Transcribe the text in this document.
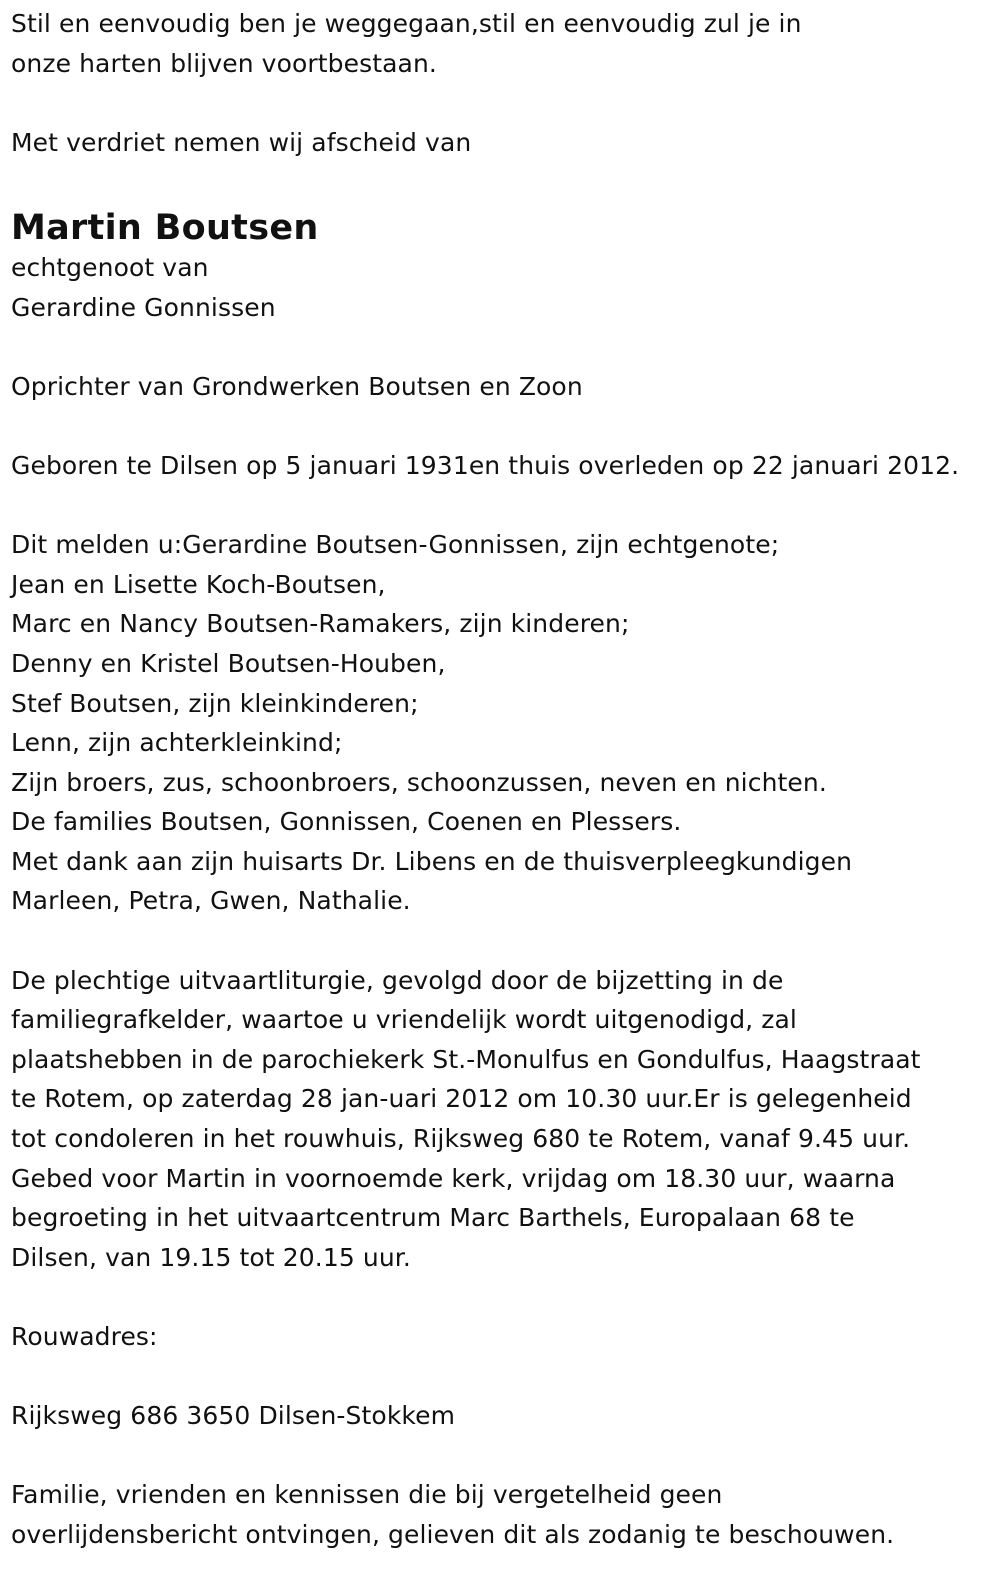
Stil en eenvoudig ben je weggegaan,stil en eenvoudig zul je in
onze harten blijven voortbestaan.
Met verdriet nemen wij afscheid van
Martin Boutsen
echtgenoot van
Gerardine Gonnissen
Oprichter van Grondwerken Boutsen en Zoon
Geboren te Dilsen op 5 januari 1931en thuis overleden op 22 januari 2012.
Dit melden u:Gerardine Boutsen-Gonnissen, zijn echtgenote;
Jean en Lisette Koch-Boutsen,
Marc en Nancy Boutsen-Ramakers, zijn kinderen;
Denny en Kristel Boutsen-Houben,
Stef Boutsen, zijn kleinkinderen;
Lenn, zijn achterkleinkind;
Zijn broers, zus, schoonbroers, schoonzussen, neven en nichten.
De families Boutsen, Gonnissen, Coenen en Plessers.
Met dank aan zijn huisarts Dr. Libens en de thuisverpleegkundigen
Marleen, Petra, Gwen, Nathalie.
De plechtige uitvaartliturgie, gevolgd door de bijzetting in de
familiegrafkelder, waartoe u vriendelijk wordt uitgenodigd, zal
plaatshebben in de parochiekerk St.-Monulfus en Gondulfus, Haagstraat
te Rotem, op zaterdag 28 jan-uari 2012 om 10.30 uur.Er is gelegenheid
tot condoleren in het rouwhuis, Rijksweg 680 te Rotem, vanaf 9.45 uur.
Gebed voor Martin in voornoemde kerk, vrijdag om 18.30 uur, waarna
begroeting in het uitvaartcentrum Marc Barthels, Europalaan 68 te
Dilsen, van 19.15 tot 20.15 uur.
Rouwadres:
Rijksweg 686 3650 Dilsen-Stokkem
Familie, vrienden en kennissen die bij vergetelheid geen
overlijdensbericht ontvingen, gelieven dit als zodanig te beschouwen.
